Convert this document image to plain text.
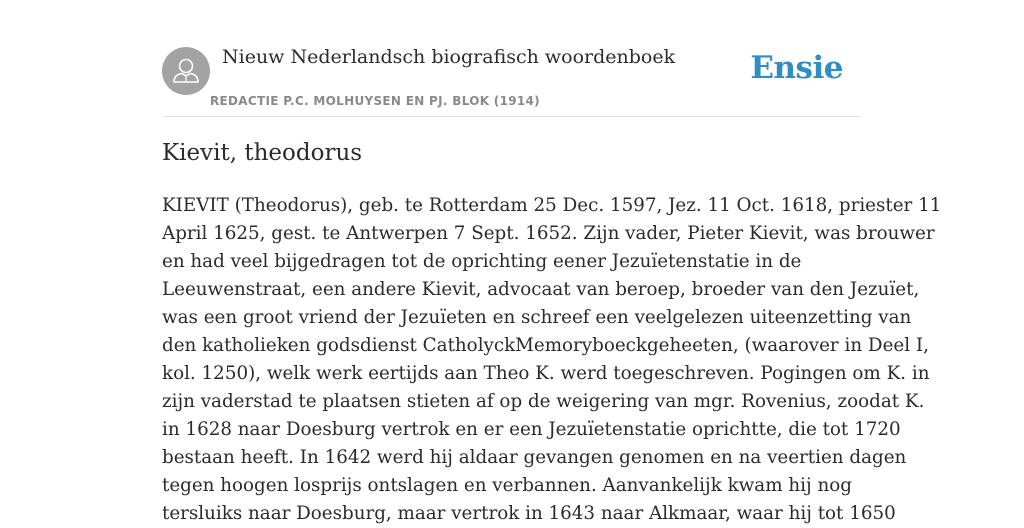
Nieuw Nederlandsch biografisch woordenboek
REDACTIE P.C. MOLHUYSEN EN PJ. BLOK (1914)
Ensie
Kievit, theodorus
KIEVIT (Theodorus), geb. te Rotterdam 25 Dec. 1597, Jez. 11 Oct. 1618, priester 11
April 1625, gest. te Antwerpen 7 Sept. 1652. Zijn vader, Pieter Kievit, was brouwer
en had veel bijgedragen tot de oprichting eener Jezuïetenstatie in de
Leeuwenstraat, een andere Kievit, advocaat van beroep, broeder van den Jezuïet,
was een groot vriend der Jezuïeten en schreef een veelgelezen uiteenzetting van
den katholieken godsdienst CatholyckMemoryboeckgeheeten, (waarover in Deel I,
kol. 1250), welk werk eertijds aan Theo K. werd toegeschreven. Pogingen om K. in
zijn vaderstad te plaatsen stieten af op de weigering van mgr. Rovenius, zoodat K.
in 1628 naar Doesburg vertrok en er een Jezuïetenstatie oprichtte, die tot 1720
bestaan heeft. In 1642 werd hij aldaar gevangen genomen en na veertien dagen
tegen hoogen losprijs ontslagen en verbannen. Aanvankelijk kwam hij nog
tersluiks naar Doesburg, maar vertrok in 1643 naar Alkmaar, waar hij tot 1650
